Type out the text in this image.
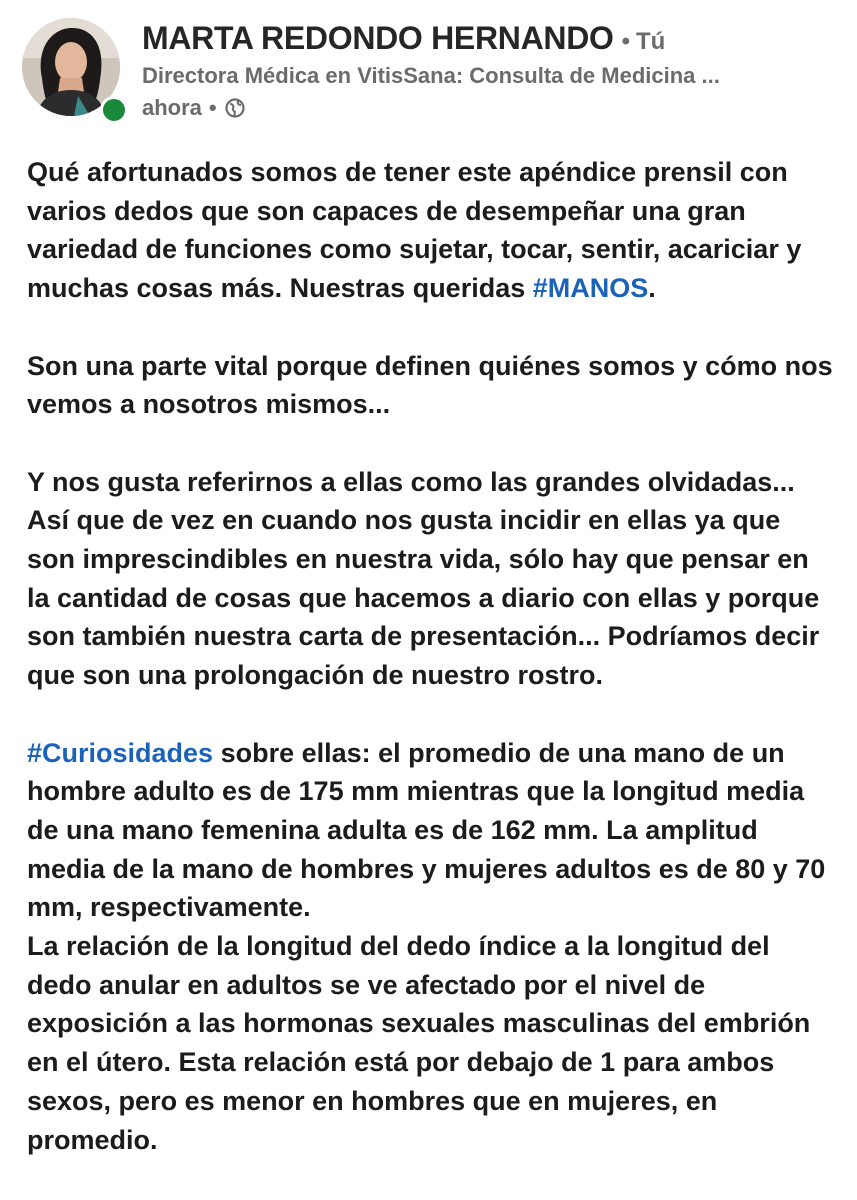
MARTA REDONDO HERNANDO • Tú
Directora Médica en VitisSana: Consulta de Medicina ...
ahora •

Qué afortunados somos de tener este apéndice prensil con varios dedos que son capaces de desempeñar una gran variedad de funciones como sujetar, tocar, sentir, acariciar y muchas cosas más. Nuestras queridas #MANOS.

Son una parte vital porque definen quiénes somos y cómo nos vemos a nosotros mismos...

Y nos gusta referirnos a ellas como las grandes olvidadas... Así que de vez en cuando nos gusta incidir en ellas ya que son imprescindibles en nuestra vida, sólo hay que pensar en la cantidad de cosas que hacemos a diario con ellas y porque son también nuestra carta de presentación... Podríamos decir que son una prolongación de nuestro rostro.

#Curiosidades sobre ellas: el promedio de una mano de un hombre adulto es de 175 mm mientras que la longitud media de una mano femenina adulta es de 162 mm. La amplitud media de la mano de hombres y mujeres adultos es de 80 y 70 mm, respectivamente.

La relación de la longitud del dedo índice a la longitud del dedo anular en adultos se ve afectado por el nivel de exposición a las hormonas sexuales masculinas del embrión en el útero. Esta relación está por debajo de 1 para ambos sexos, pero es menor en hombres que en mujeres, en promedio.
